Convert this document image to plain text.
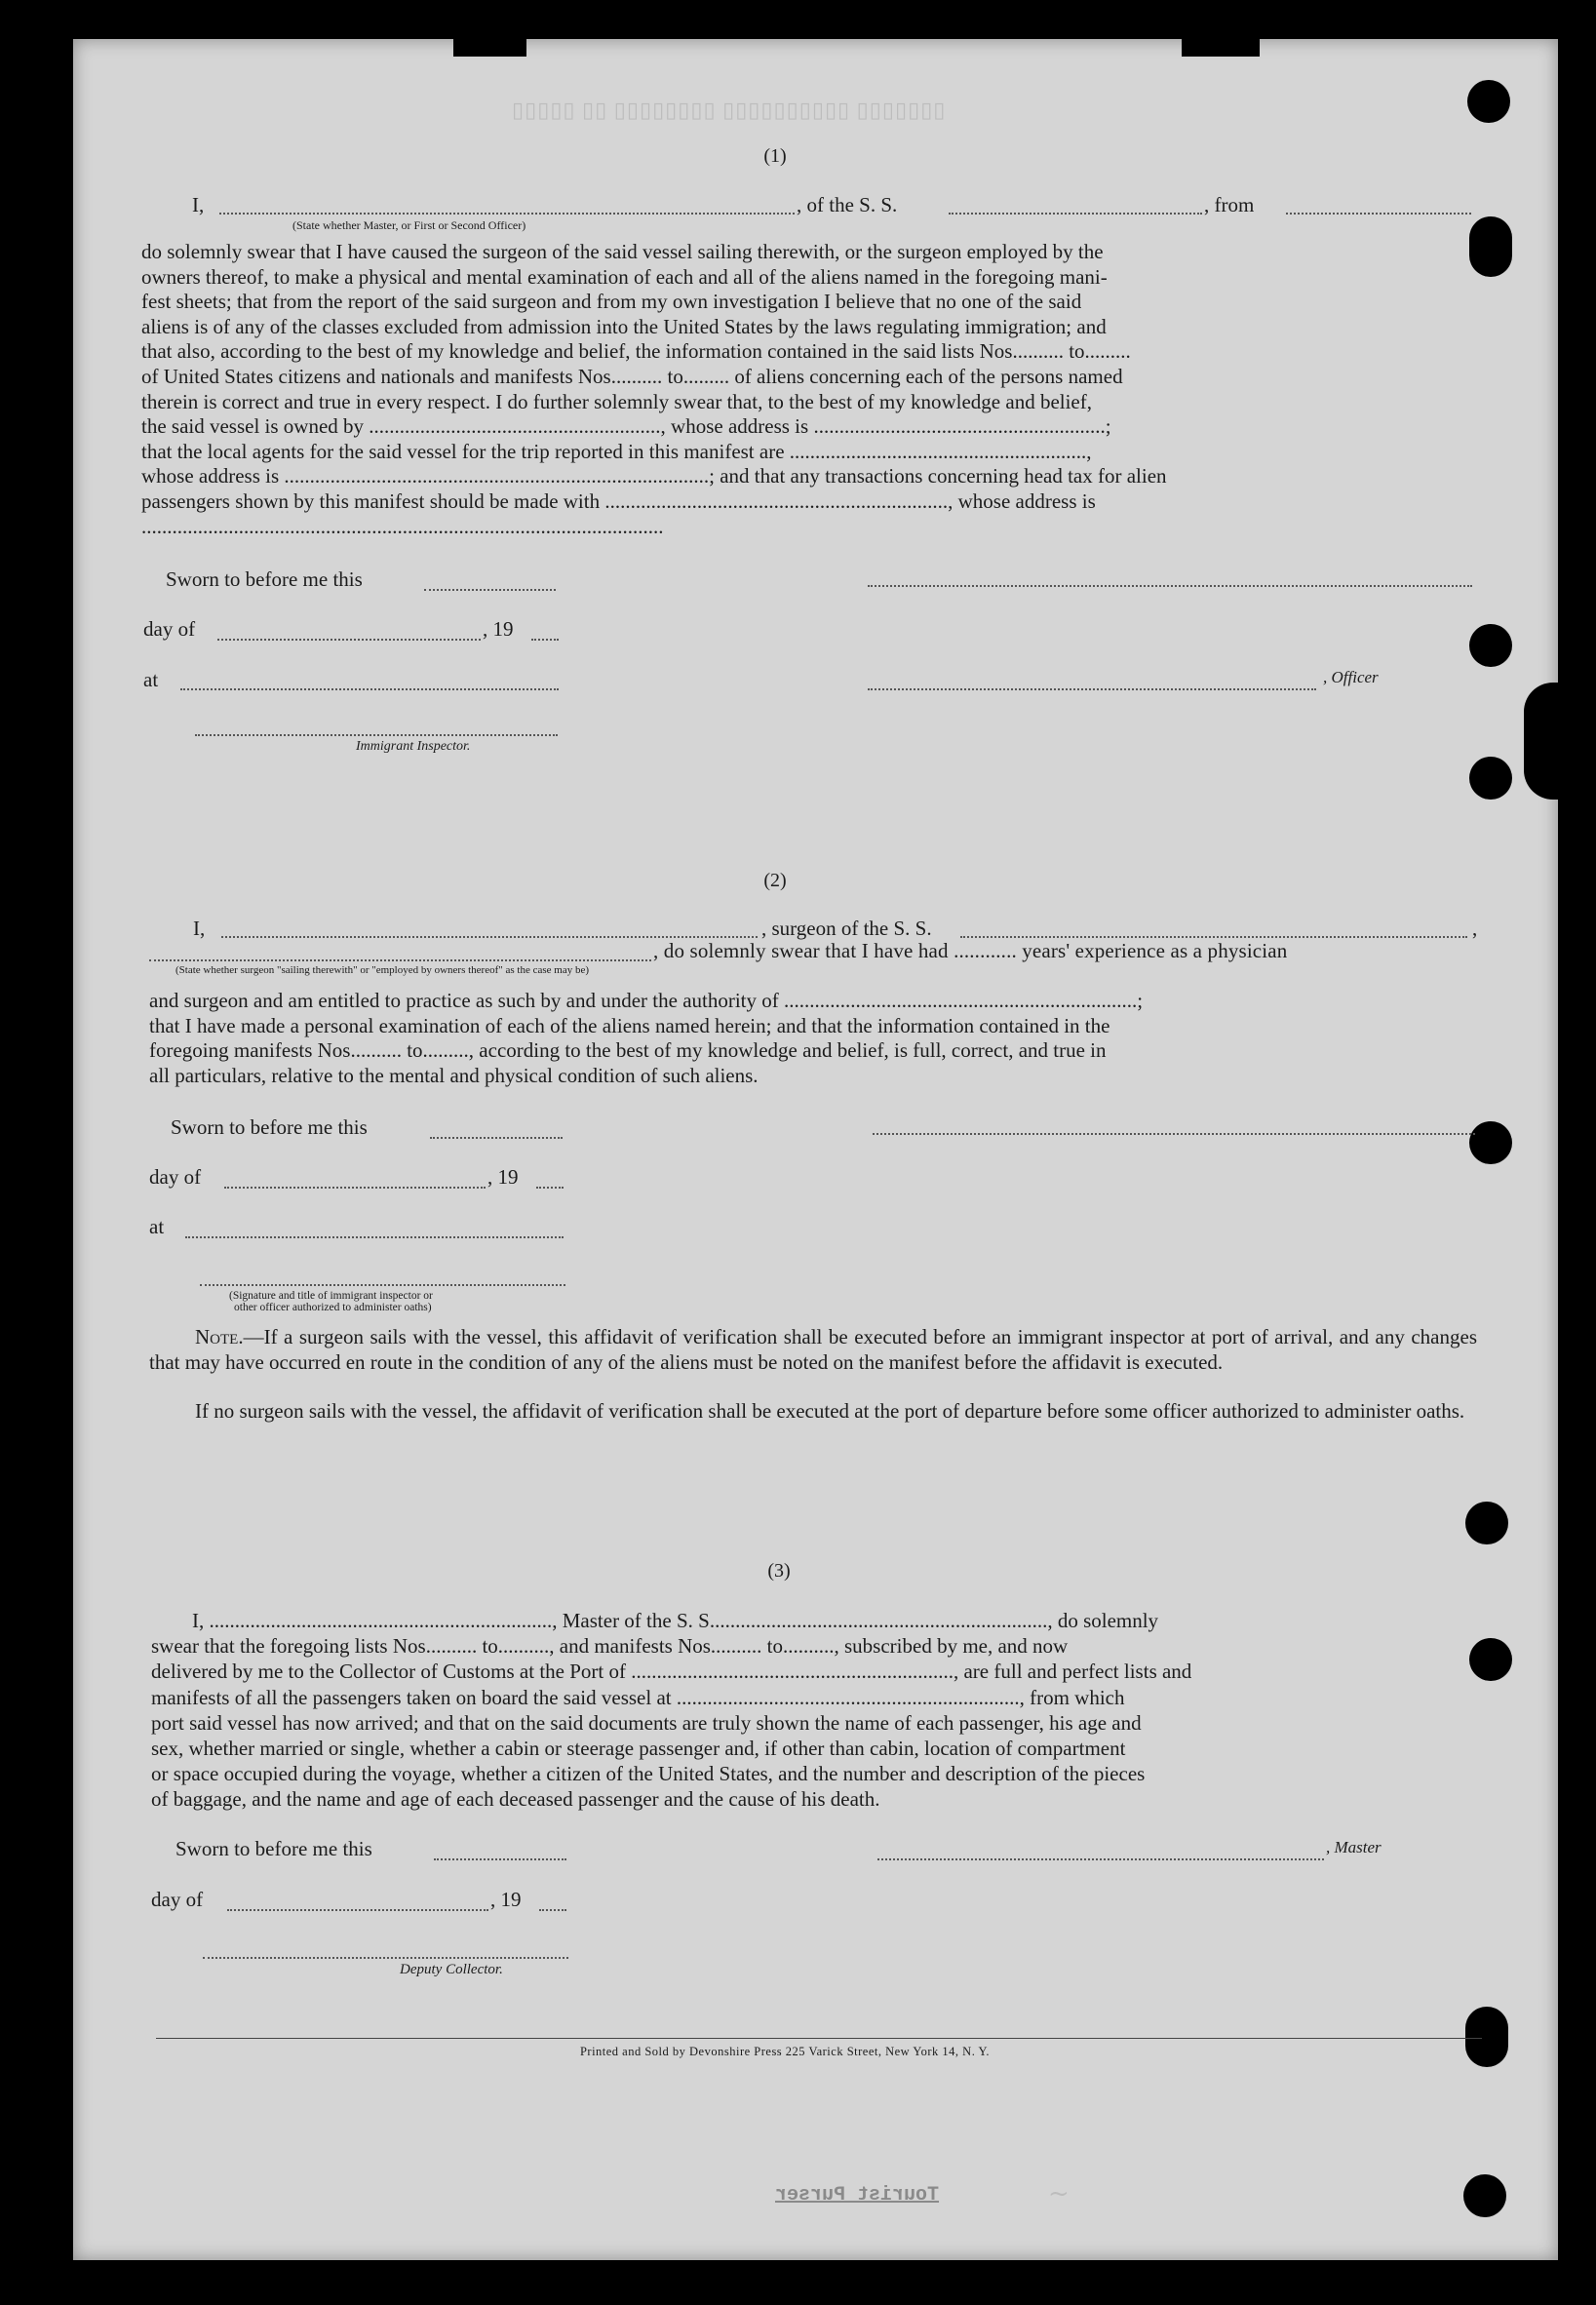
▯▯▯▯▯ ▯▯ ▯▯▯▯▯▯▯▯ ▯▯▯▯▯▯▯▯▯▯ ▯▯▯▯▯▯▯
(1)
I,	, of the S. S.	, from
(State whether Master, or First or Second Officer)
do solemnly swear that I have caused the surgeon of the said vessel sailing therewith, or the surgeon employed by the
owners thereof, to make a physical and mental examination of each and all of the aliens named in the foregoing mani-
fest sheets; that from the report of the said surgeon and from my own investigation I believe that no one of the said
aliens is of any of the classes excluded from admission into the United States by the laws regulating immigration; and
that also, according to the best of my knowledge and belief, the information contained in the said lists Nos.......... to.........
of United States citizens and nationals and manifests Nos.......... to......... of aliens concerning each of the persons named
therein is correct and true in every respect. I do further solemnly swear that, to the best of my knowledge and belief,
the said vessel is owned by ........................................................., whose address is .........................................................;
that the local agents for the said vessel for the trip reported in this manifest are ..........................................................,
whose address is ...................................................................................; and that any transactions concerning head tax for alien
passengers shown by this manifest should be made with ..................................................................., whose address is
......................................................................................................
Sworn to before me this
day of	, 19
at	, Officer
Immigrant Inspector.
(2)
I,	, surgeon of the S. S.	,
, do solemnly swear that I have had ............ years' experience as a physician
(State whether surgeon "sailing therewith" or "employed by owners thereof" as the case may be)
and surgeon and am entitled to practice as such by and under the authority of .....................................................................;
that I have made a personal examination of each of the aliens named herein; and that the information contained in the
foregoing manifests Nos.......... to........., according to the best of my knowledge and belief, is full, correct, and true in
all particulars, relative to the mental and physical condition of such aliens.
Sworn to before me this
day of	, 19
at
(Signature and title of immigrant inspector or
other officer authorized to administer oaths)
Note.—If a surgeon sails with the vessel, this affidavit of verification shall be executed before an immigrant inspector at port of arrival, and any changes that may have occurred en route in the condition of any of the aliens must be noted on the manifest before the affidavit is executed.
If no surgeon sails with the vessel, the affidavit of verification shall be executed at the port of departure before some officer authorized to administer oaths.
(3)
I, ..................................................................., Master of the S. S.................................................................., do solemnly
swear that the foregoing lists Nos.......... to.........., and manifests Nos.......... to.........., subscribed by me, and now
delivered by me to the Collector of Customs at the Port of ..............................................................., are full and perfect lists and
manifests of all the passengers taken on board the said vessel at ..................................................................., from which
port said vessel has now arrived; and that on the said documents are truly shown the name of each passenger, his age and
sex, whether married or single, whether a cabin or steerage passenger and, if other than cabin, location of compartment
or space occupied during the voyage, whether a citizen of the United States, and the number and description of the pieces
of baggage, and the name and age of each deceased passenger and the cause of his death.
Sworn to before me this	, Master
day of	, 19
Deputy Collector.
Printed and Sold by Devonshire Press 225 Varick Street, New York 14, N. Y.
Tourist Purser	~
